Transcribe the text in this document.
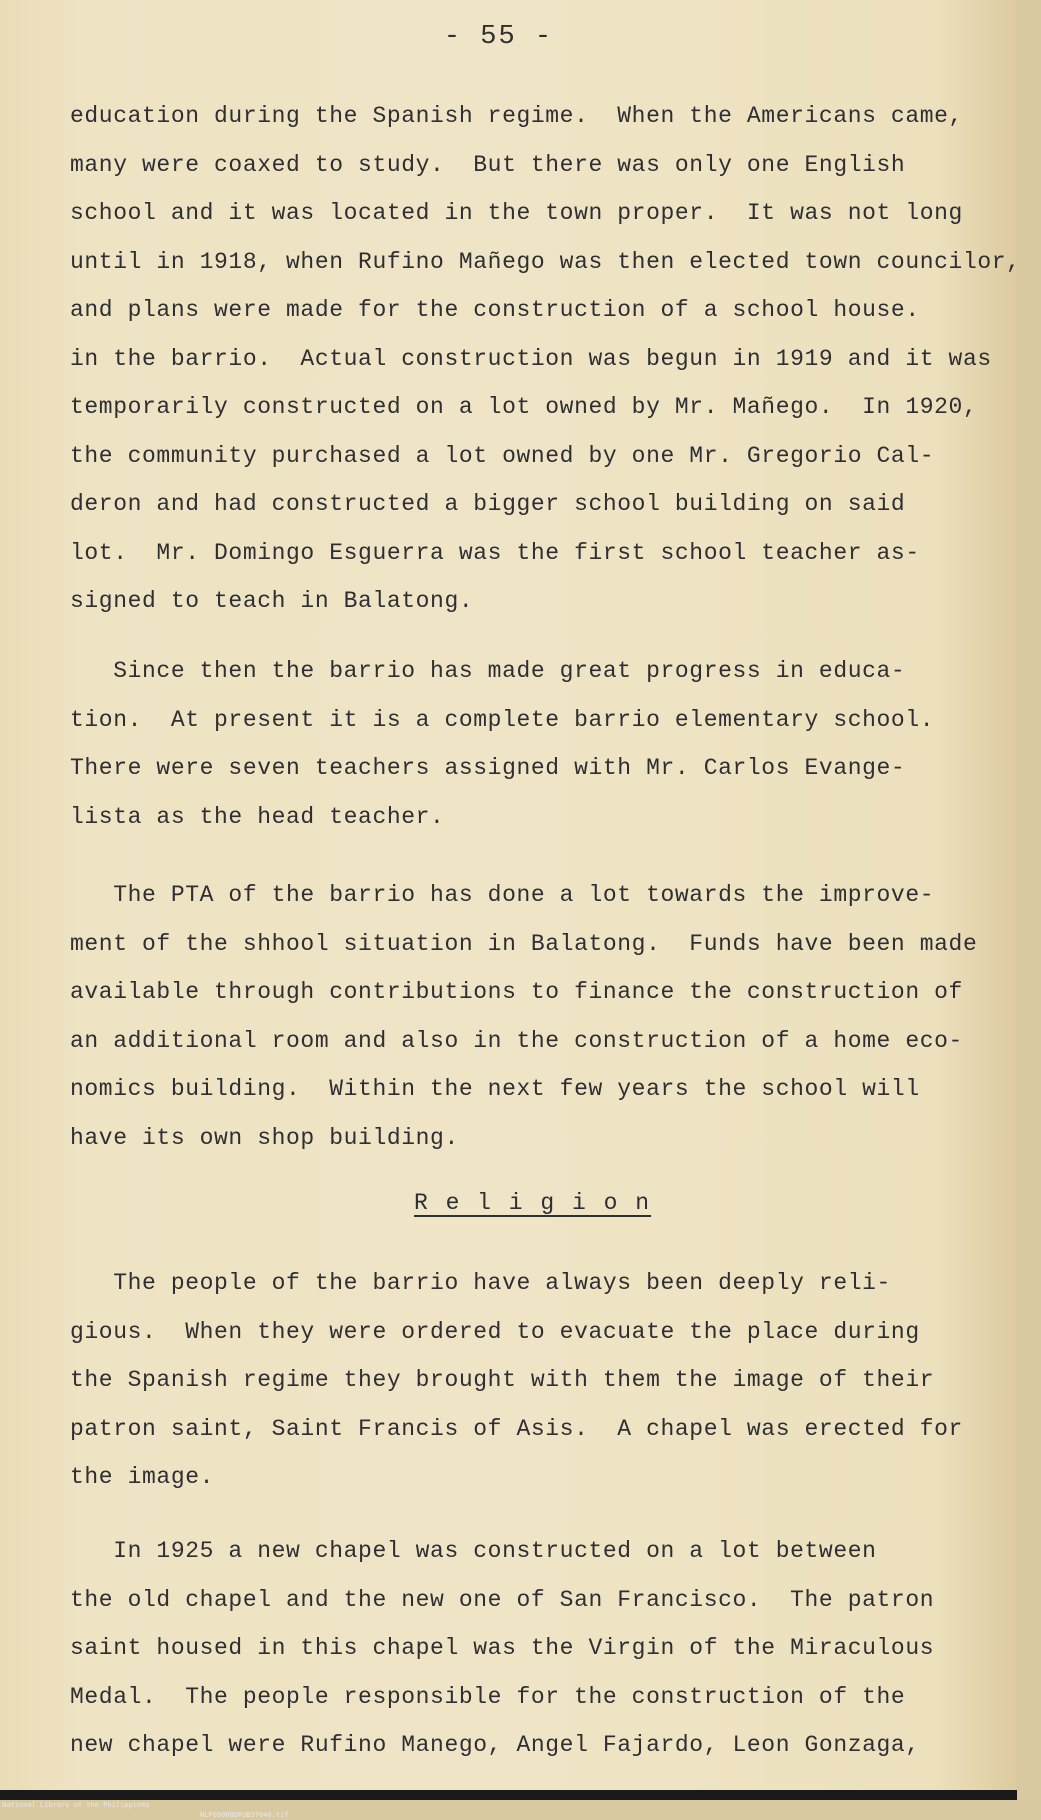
- 55 -
education during the Spanish regime.  When the Americans came,
many were coaxed to study.  But there was only one English
school and it was located in the town proper.  It was not long
until in 1918, when Rufino Mañego was then elected town councilor,
and plans were made for the construction of a school house.
in the barrio.  Actual construction was begun in 1919 and it was
temporarily constructed on a lot owned by Mr. Mañego.  In 1920,
the community purchased a lot owned by one Mr. Gregorio Cal-
deron and had constructed a bigger school building on said
lot.  Mr. Domingo Esguerra was the first school teacher as-
signed to teach in Balatong.
Since then the barrio has made great progress in educa-
tion.  At present it is a complete barrio elementary school.
There were seven teachers assigned with Mr. Carlos Evange-
lista as the head teacher.
The PTA of the barrio has done a lot towards the improve-
ment of the shhool situation in Balatong.  Funds have been made
available through contributions to finance the construction of
an additional room and also in the construction of a home eco-
nomics building.  Within the next few years the school will
have its own shop building.
R e l i g i o n
The people of the barrio have always been deeply reli-
gious.  When they were ordered to evacuate the place during
the Spanish regime they brought with them the image of their
patron saint, Saint Francis of Asis.  A chapel was erected for
the image.
In 1925 a new chapel was constructed on a lot between
the old chapel and the new one of San Francisco.  The patron
saint housed in this chapel was the Virgin of the Miraculous
Medal.  The people responsible for the construction of the
new chapel were Rufino Manego, Angel Fajardo, Leon Gonzaga,

National Library of the Philippines

NLP00000DPUB37040.tif
